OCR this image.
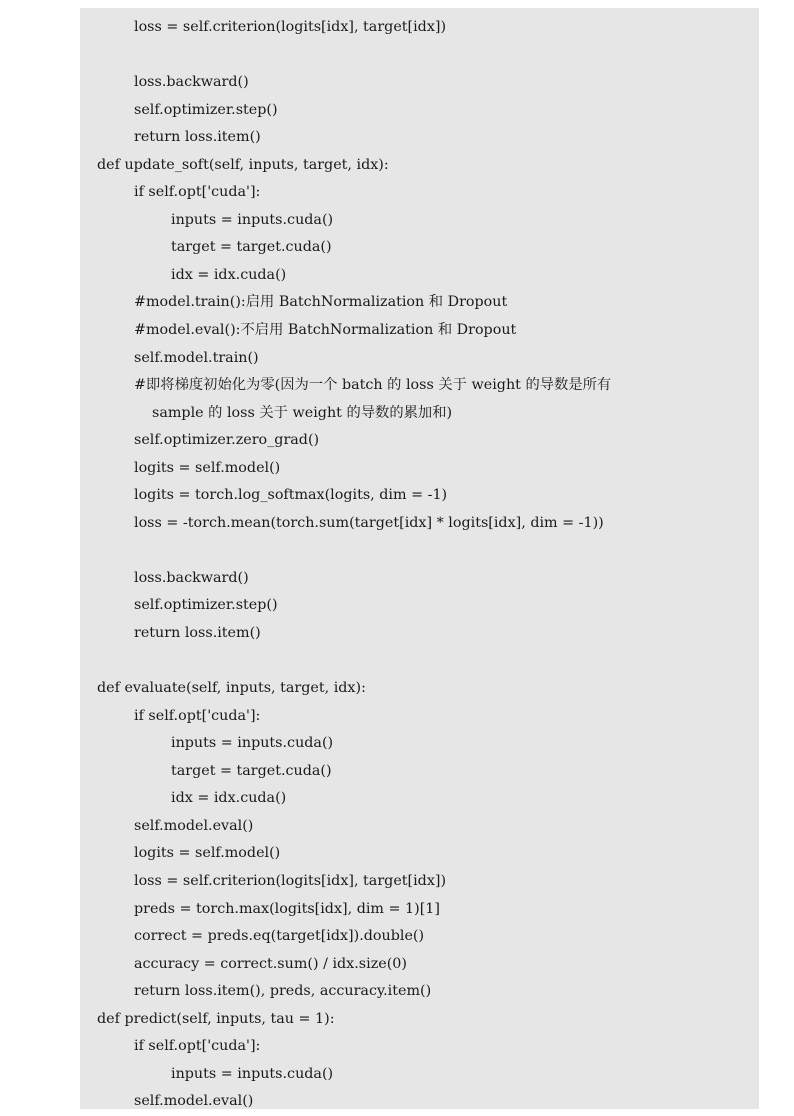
loss = self.criterion(logits[idx], target[idx])
loss.backward()
self.optimizer.step()
return loss.item()
def update_soft(self, inputs, target, idx):
if self.opt['cuda']:
inputs = inputs.cuda()
target = target.cuda()
idx = idx.cuda()
#model.train():启用 BatchNormalization 和 Dropout
#model.eval():不启用 BatchNormalization 和 Dropout
self.model.train()
#即将梯度初始化为零(因为一个 batch 的 loss 关于 weight 的导数是所有
sample 的 loss 关于 weight 的导数的累加和)
self.optimizer.zero_grad()
logits = self.model()
logits = torch.log_softmax(logits, dim = -1)
loss = -torch.mean(torch.sum(target[idx] * logits[idx], dim = -1))
loss.backward()
self.optimizer.step()
return loss.item()
def evaluate(self, inputs, target, idx):
if self.opt['cuda']:
inputs = inputs.cuda()
target = target.cuda()
idx = idx.cuda()
self.model.eval()
logits = self.model()
loss = self.criterion(logits[idx], target[idx])
preds = torch.max(logits[idx], dim = 1)[1]
correct = preds.eq(target[idx]).double()
accuracy = correct.sum() / idx.size(0)
return loss.item(), preds, accuracy.item()
def predict(self, inputs, tau = 1):
if self.opt['cuda']:
inputs = inputs.cuda()
self.model.eval()
